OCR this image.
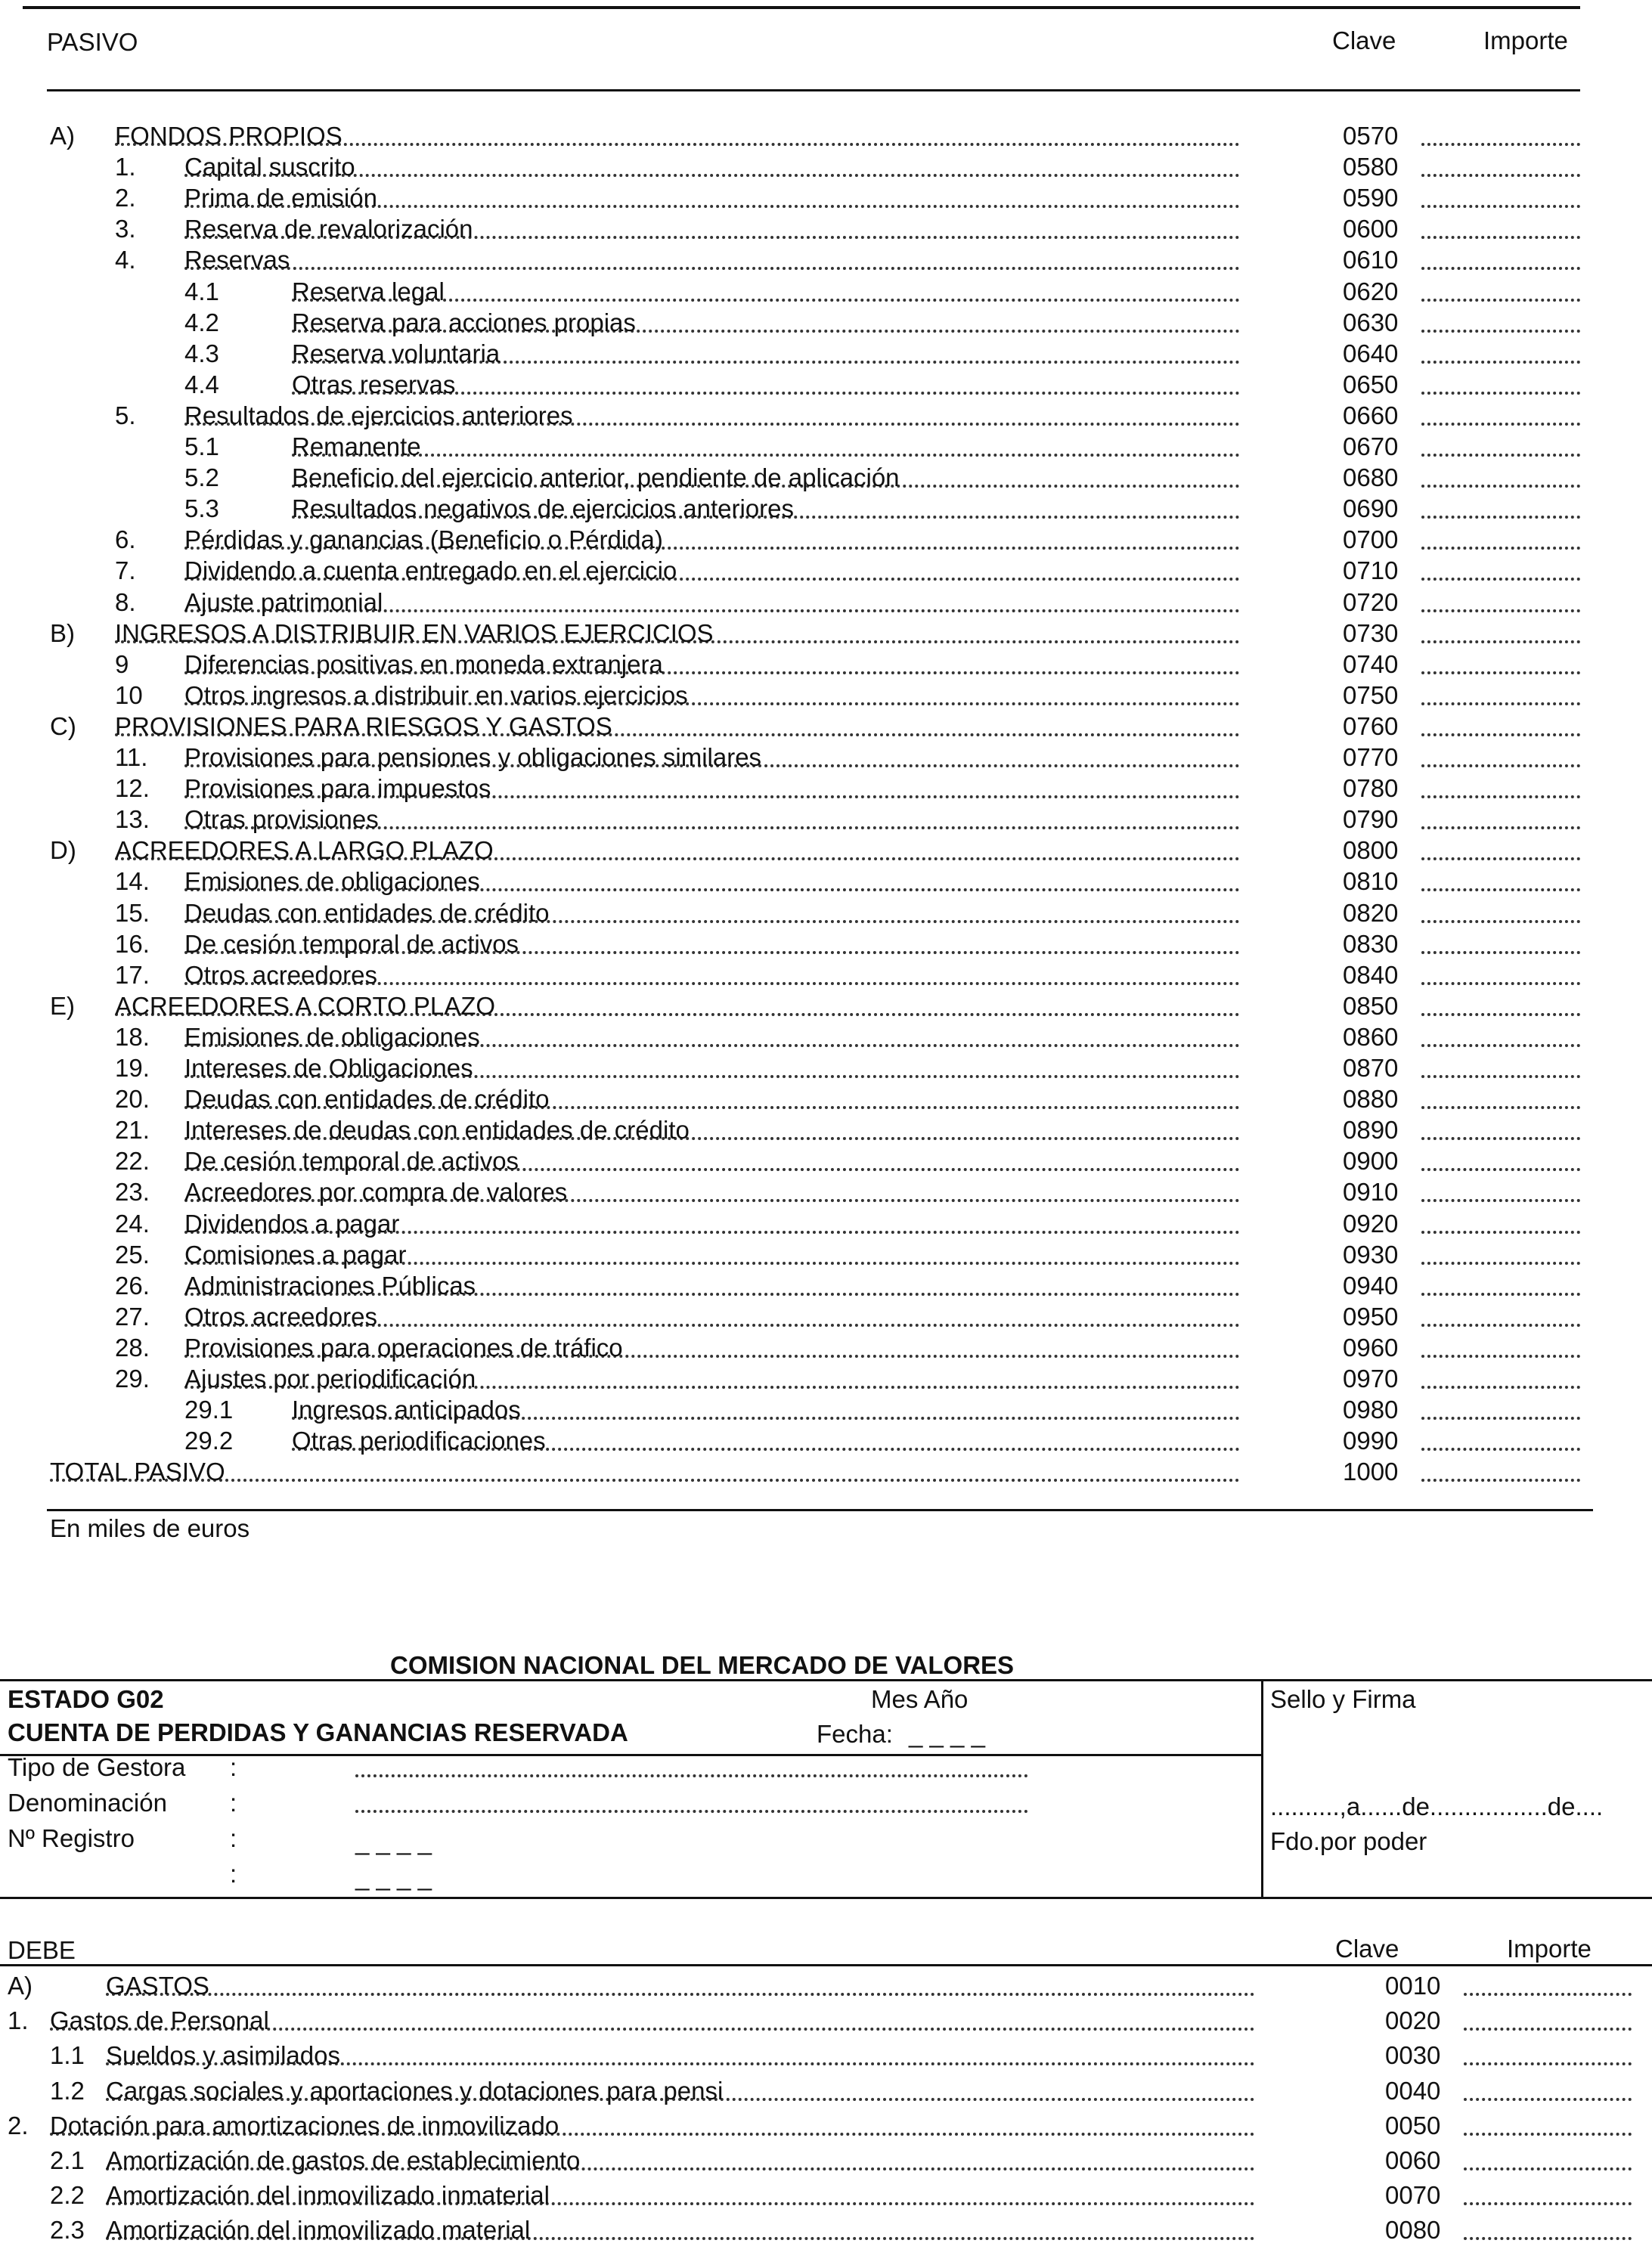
PASIVO	Clave	Importe
A) FONDOS PROPIOS	0570
1. Capital suscrito	0580
2. Prima de emisión	0590
3. Reserva de revalorización	0600
4. Reservas	0610
4.1	Reserva legal	0620
4.2	Reserva para acciones propias	0630
4.3	Reserva voluntaria	0640
4.4	Otras reservas	0650
5. Resultados de ejercicios anteriores	0660
5.1	Remanente	0670
5.2	Beneficio del ejercicio anterior, pendiente de aplicación	0680
5.3	Resultados negativos de ejercicios anteriores	0690
6. Pérdidas y ganancias (Beneficio o Pérdida)	0700
7. Dividendo a cuenta entregado en el ejercicio	0710
8. Ajuste patrimonial	0720
B) INGRESOS A DISTRIBUIR EN VARIOS EJERCICIOS	0730
9 Diferencias positivas en moneda extranjera	0740
10 Otros ingresos a distribuir en varios ejercicios	0750
C) PROVISIONES PARA RIESGOS Y GASTOS	0760
11. Provisiones para pensiones y obligaciones similares	0770
12. Provisiones para impuestos	0780
13. Otras provisiones	0790
D) ACREEDORES A LARGO PLAZO	0800
14. Emisiones de obligaciones	0810
15. Deudas con entidades de crédito	0820
16. De cesión temporal de activos	0830
17. Otros acreedores	0840
E) ACREEDORES A CORTO PLAZO	0850
18. Emisiones de obligaciones	0860
19. Intereses de Obligaciones	0870
20. Deudas con entidades de crédito	0880
21. Intereses de deudas con entidades de crédito	0890
22. De cesión temporal de activos	0900
23. Acreedores por compra de valores	0910
24. Dividendos a pagar	0920
25. Comisiones a pagar	0930
26. Administraciones Públicas	0940
27. Otros acreedores	0950
28. Provisiones para operaciones de tráfico	0960
29. Ajustes por periodificación	0970
29.1 Ingresos anticipados	0980
29.2 Otras periodificaciones	0990
TOTAL PASIVO	1000
En miles de euros
COMISION NACIONAL DEL MERCADO DE VALORES
ESTADO G02	Mes Año
CUENTA DE PERDIDAS Y GANANCIAS RESERVADA	Fecha: _ _ _ _
Sello y Firma
Tipo de Gestora :
Denominación	:
Nº Registro	:	_ _ _ _
:	_ _ _ _
..........,a......de.................de....
Fdo.por poder
DEBE	Clave	Importe
A)	GASTOS	0010
1. Gastos de Personal	0020
1.1 Sueldos y asimilados	0030
1.2 Cargas sociales y aportaciones y dotaciones para pensi	0040
2. Dotación para amortizaciones de inmovilizado	0050
2.1 Amortización de gastos de establecimiento	0060
2.2 Amortización del inmovilizado inmaterial	0070
2.3 Amortización del inmovilizado material	0080
